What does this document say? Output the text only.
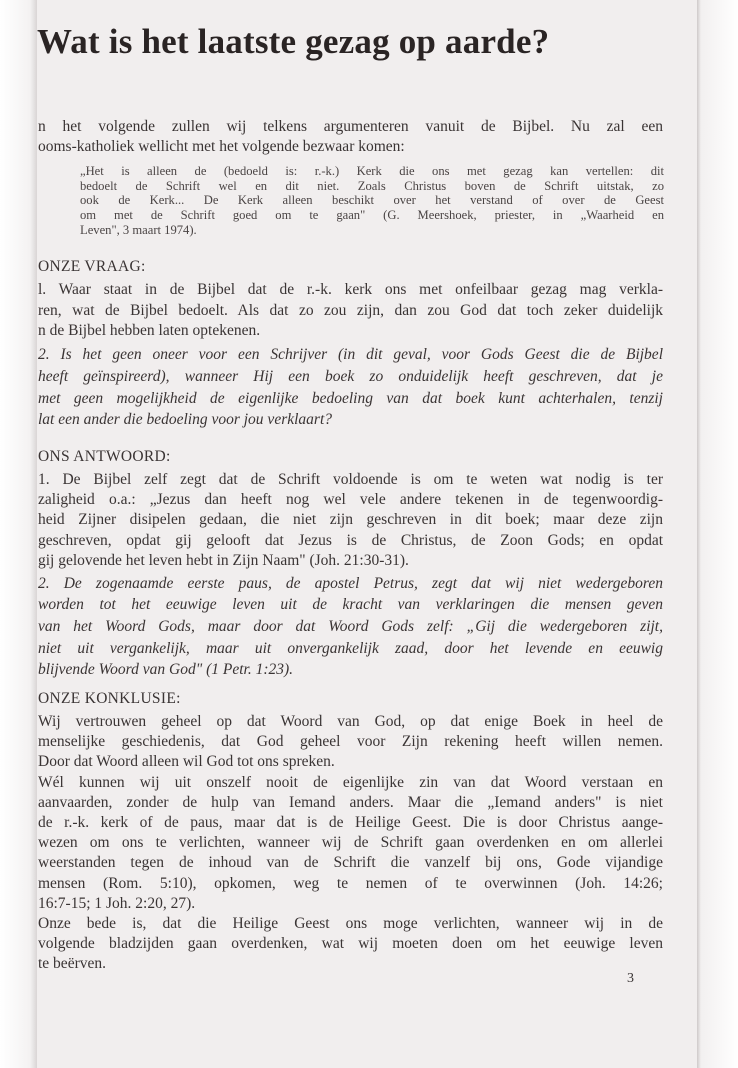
Wat is het laatste gezag op aarde?
n het volgende zullen wij telkens argumenteren vanuit de Bijbel. Nu zal een
ooms-katholiek wellicht met het volgende bezwaar komen:
„Het is alleen de (bedoeld is: r.-k.) Kerk die ons met gezag kan vertellen: dit
bedoelt de Schrift wel en dit niet. Zoals Christus boven de Schrift uitstak, zo
ook de Kerk... De Kerk alleen beschikt over het verstand of over de Geest
om met de Schrift goed om te gaan" (G. Meershoek, priester, in „Waarheid en
Leven", 3 maart 1974).
ONZE VRAAG:
l. Waar staat in de Bijbel dat de r.-k. kerk ons met onfeilbaar gezag mag verkla-
ren, wat de Bijbel bedoelt. Als dat zo zou zijn, dan zou God dat toch zeker duidelijk
n de Bijbel hebben laten optekenen.
2. Is het geen oneer voor een Schrijver (in dit geval, voor Gods Geest die de Bijbel
heeft geïnspireerd), wanneer Hij een boek zo onduidelijk heeft geschreven, dat je
met geen mogelijkheid de eigenlijke bedoeling van dat boek kunt achterhalen, tenzij
lat een ander die bedoeling voor jou verklaart?
ONS ANTWOORD:
1. De Bijbel zelf zegt dat de Schrift voldoende is om te weten wat nodig is ter
zaligheid o.a.: „Jezus dan heeft nog wel vele andere tekenen in de tegenwoordig-
heid Zijner disipelen gedaan, die niet zijn geschreven in dit boek; maar deze zijn
geschreven, opdat gij gelooft dat Jezus is de Christus, de Zoon Gods; en opdat
gij gelovende het leven hebt in Zijn Naam" (Joh. 21:30-31).
2. De zogenaamde eerste paus, de apostel Petrus, zegt dat wij niet wedergeboren
worden tot het eeuwige leven uit de kracht van verklaringen die mensen geven
van het Woord Gods, maar door dat Woord Gods zelf: „Gij die wedergeboren zijt,
niet uit vergankelijk, maar uit onvergankelijk zaad, door het levende en eeuwig
blijvende Woord van God" (1 Petr. 1:23).
ONZE KONKLUSIE:
Wij vertrouwen geheel op dat Woord van God, op dat enige Boek in heel de
menselijke geschiedenis, dat God geheel voor Zijn rekening heeft willen nemen.
Door dat Woord alleen wil God tot ons spreken.
Wél kunnen wij uit onszelf nooit de eigenlijke zin van dat Woord verstaan en
aanvaarden, zonder de hulp van Iemand anders. Maar die „Iemand anders" is niet
de r.-k. kerk of de paus, maar dat is de Heilige Geest. Die is door Christus aange-
wezen om ons te verlichten, wanneer wij de Schrift gaan overdenken en om allerlei
weerstanden tegen de inhoud van de Schrift die vanzelf bij ons, Gode vijandige
mensen (Rom. 5:10), opkomen, weg te nemen of te overwinnen (Joh. 14:26;
16:7-15; 1 Joh. 2:20, 27).
Onze bede is, dat die Heilige Geest ons moge verlichten, wanneer wij in de
volgende bladzijden gaan overdenken, wat wij moeten doen om het eeuwige leven
te beërven.
3
